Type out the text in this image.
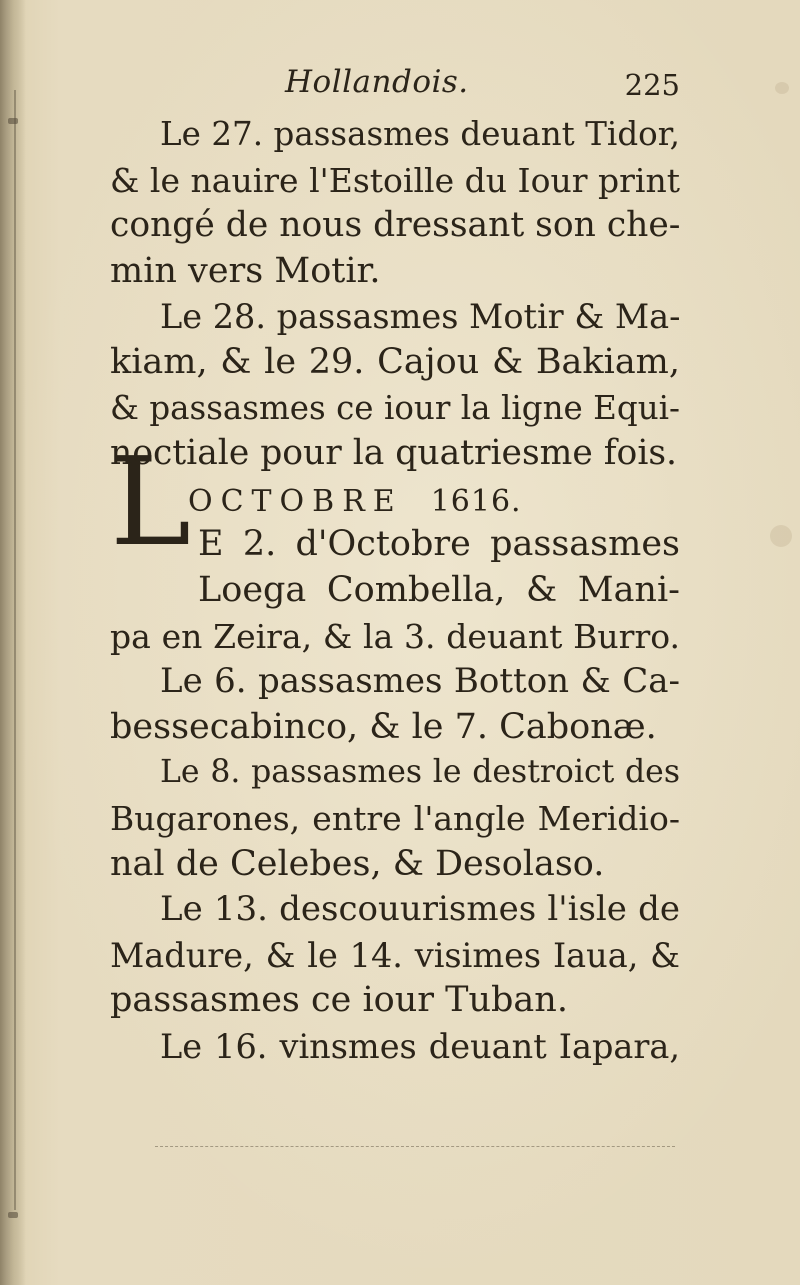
Hollandois.	225
L
Le 27. passasmes deuant Tidor,
& le nauire l'Estoille du Iour print
congé de nous dressant son che-
min vers Motir.
Le 28. passasmes Motir & Ma-
kiam, & le 29. Cajou & Bakiam,
& passasmes ce iour la ligne Equi-
noctiale pour la quatriesme fois.
OCTOBRE 1616.
E 2. d'Octobre passasmes
Loega Combella, & Mani-
pa en Zeira, & la 3. deuant Burro.
Le 6. passasmes Botton & Ca-
bessecabinco, & le 7. Cabonæ.
Le 8. passasmes le destroict des
Bugarones, entre l'angle Meridio-
nal de Celebes, & Desolaso.
Le 13. descouurismes l'isle de
Madure, & le 14. visimes Iaua, &
passasmes ce iour Tuban.
Le 16. vinsmes deuant Iapara,
